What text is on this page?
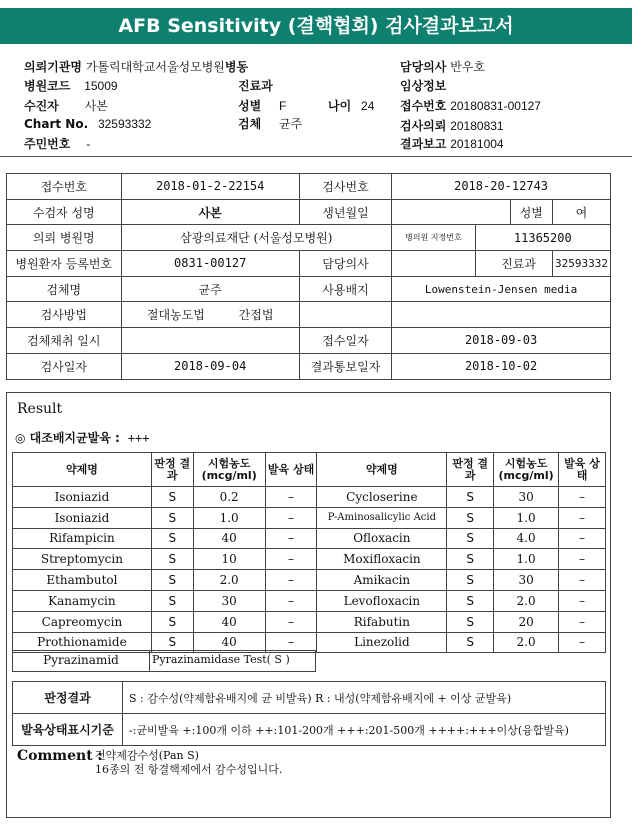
AFB Sensitivity (결핵협회) 검사결과보고서
의뢰기관명 가톨릭대학교서울성모병원병동	담당의사 반우호
병원코드 15009	진료과	임상정보
수진자 사본	성별 F	나이 24 접수번호 20180831-00127
Chart No. 32593332	검체 균주	검사의뢰 20180831
주민번호 -	결과보고 20181004
접수번호	2018-01-2-22154	검사번호	2018-20-12743			
수검자 성명	사본	생년월일			성별	여
의뢰 병원명	삼광의료재단 (서울성모병원)		병의원 지정번호	11365200		
병원환자 등록번호	0831-00127	담당의사		진료과		32593332
검체명	균주	사용배지	Lowenstein-Jensen media			
검사방법	절대농도법 간접법					
검체채취 일시		접수일자	2018-09-03			
검사일자	2018-09-04	결과통보일자	2018-10-02			
Result
◎ 대조배지균발육 : +++
약제명	판정 결과	시험농도 (mcg/ml)	발육 상태	약제명	판정 결과	시험농도 (mcg/ml)	발육 상태
Isoniazid	S	0.2	–	Cycloserine	S	30	–
Isoniazid	S	1.0	–	P-Aminosalicylic Acid	S	1.0	–
Rifampicin	S	40	–	Ofloxacin	S	4.0	–
Streptomycin	S	10	–	Moxifloxacin	S	1.0	–
Ethambutol	S	2.0	–	Amikacin	S	30	–
Kanamycin	S	30	–	Levofloxacin	S	2.0	–
Capreomycin	S	40	–	Rifabutin	S	20	–
Prothionamide	S	40	–	Linezolid	S	2.0	–
Pyrazinamid	Pyrazinamidase Test( S )
판정결과	S : 감수성(약제함유배지에 균 비발육) R : 내성(약제함유배지에 + 이상 균발육)
발육상태표시기준	-:균비발육 +:100개 이하 ++:101-200개 +++:201-500개 ++++:+++이상(융합발육)
Comment :
전약제감수성(Pan S)
16종의 전 항결핵제에서 감수성입니다.
